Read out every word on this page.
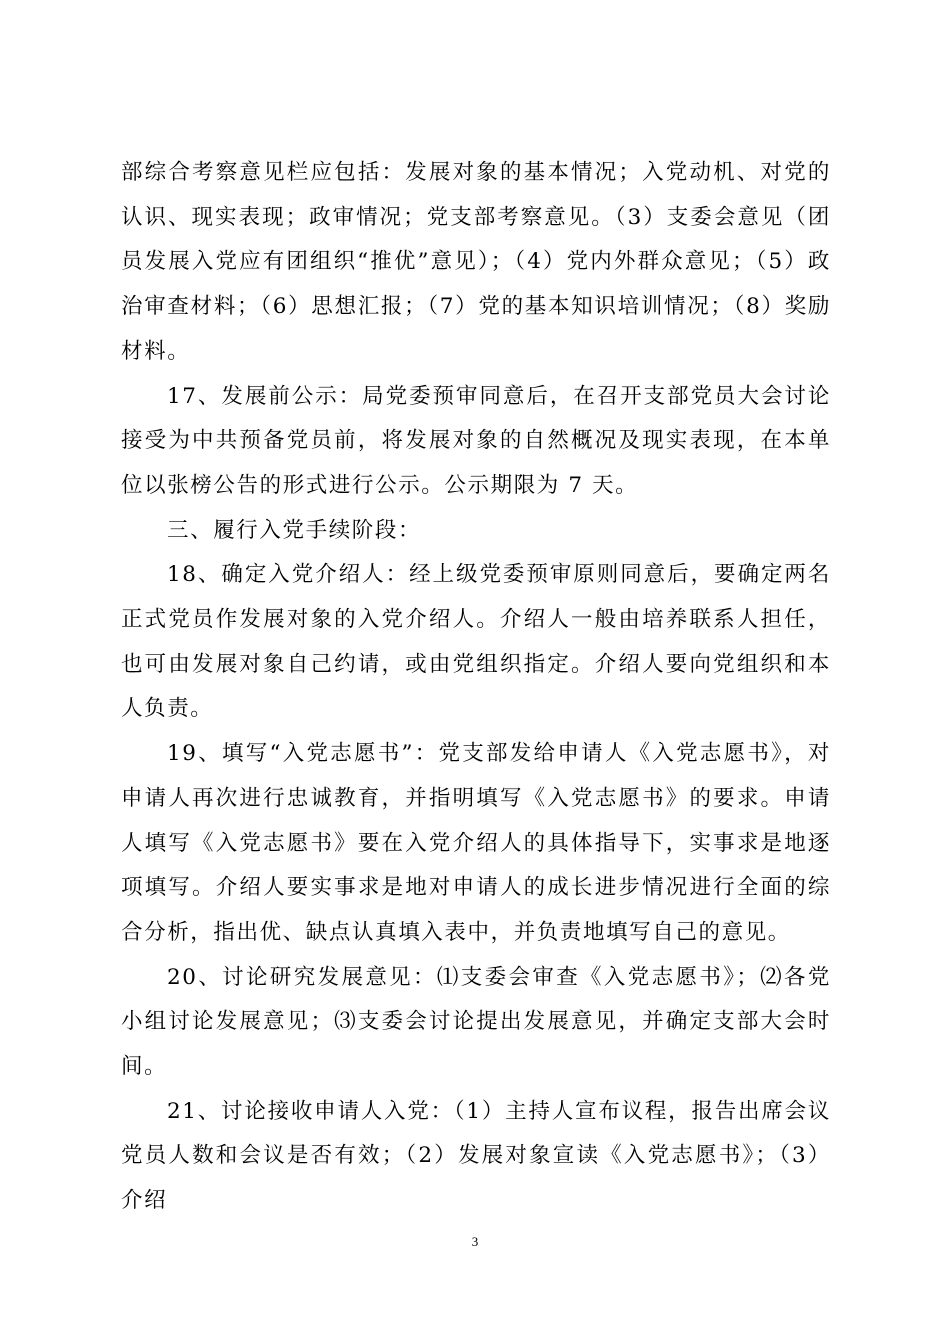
部综合考察意见栏应包括：发展对象的基本情况；入党动机、对党的认识、现实表现；政审情况；党支部考察意见。（3）支委会意见（团员发展入党应有团组织“推优”意见）；（4）党内外群众意见；（5）政治审查材料；（6）思想汇报；（7）党的基本知识培训情况；（8）奖励材料。

17、发展前公示：局党委预审同意后，在召开支部党员大会讨论接受为中共预备党员前，将发展对象的自然概况及现实表现，在本单位以张榜公告的形式进行公示。公示期限为 7 天。

三、履行入党手续阶段：

18、确定入党介绍人：经上级党委预审原则同意后，要确定两名正式党员作发展对象的入党介绍人。介绍人一般由培养联系人担任，也可由发展对象自己约请，或由党组织指定。介绍人要向党组织和本人负责。

19、填写“入党志愿书”：党支部发给申请人《入党志愿书》，对申请人再次进行忠诚教育，并指明填写《入党志愿书》的要求。申请人填写《入党志愿书》要在入党介绍人的具体指导下，实事求是地逐项填写。介绍人要实事求是地对申请人的成长进步情况进行全面的综合分析，指出优、缺点认真填入表中，并负责地填写自己的意见。

20、讨论研究发展意见：⑴支委会审查《入党志愿书》；⑵各党小组讨论发展意见；⑶支委会讨论提出发展意见，并确定支部大会时间。

21、讨论接收申请人入党：（1）主持人宣布议程，报告出席会议党员人数和会议是否有效；（2）发展对象宣读《入党志愿书》；（3）介绍

3
